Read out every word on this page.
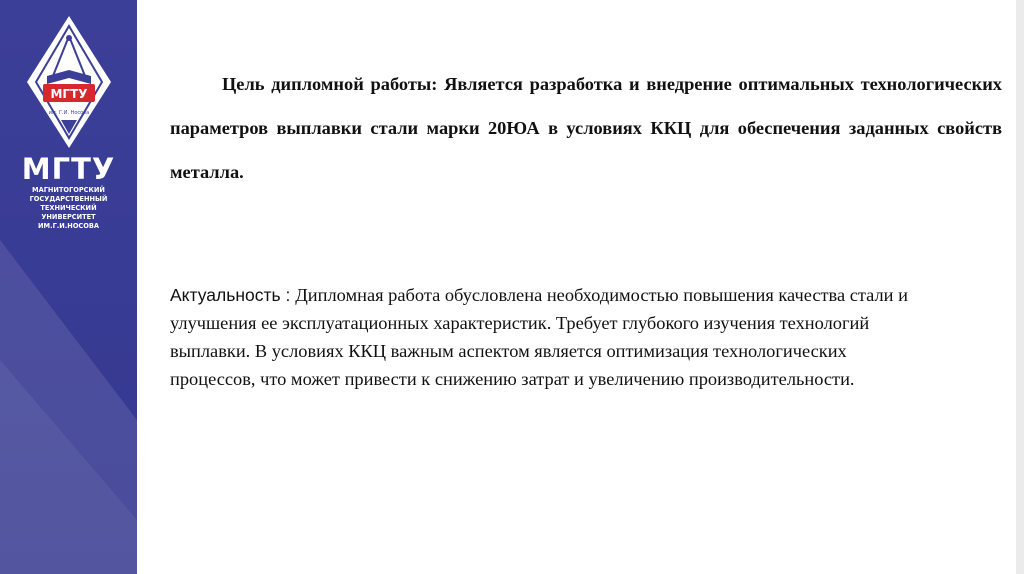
МГТУ
им. Г.И. Носова
МГТУ
МАГНИТОГОРСКИЙ
ГОСУДАРСТВЕННЫЙ
ТЕХНИЧЕСКИЙ
УНИВЕРСИТЕТ
ИМ.Г.И.НОСОВА

Цель дипломной работы: Является разработка и внедрение оптимальных технологических параметров выплавки стали марки 20ЮА в условиях ККЦ для обеспечения заданных свойств металла.

Актуальность : Дипломная работа обусловлена необходимостью повышения качества стали и улучшения ее эксплуатационных характеристик. Требует глубокого изучения технологий выплавки. В условиях ККЦ важным аспектом является оптимизация технологических процессов, что может привести к снижению затрат и увеличению производительности.
